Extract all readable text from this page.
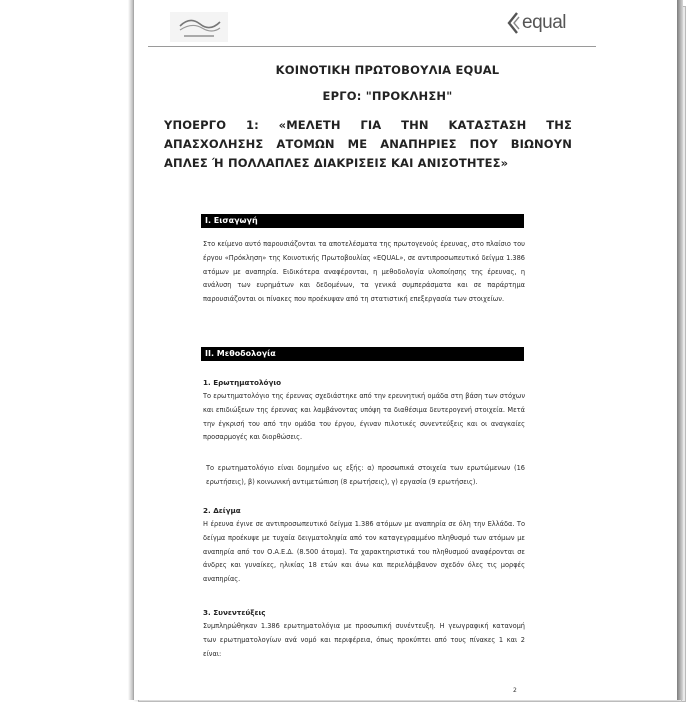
equal
ΚΟΙΝΟΤΙΚΗ ΠΡΩΤΟΒΟΥΛΙΑ EQUAL
ΕΡΓΟ: "ΠΡΟΚΛΗΣΗ"
ΥΠΟΕΡΓΟ 1: «ΜΕΛΕΤΗ ΓΙΑ ΤΗΝ ΚΑΤΑΣΤΑΣΗ ΤΗΣ ΑΠΑΣΧΟΛΗΣΗΣ ΑΤΟΜΩΝ ΜΕ ΑΝΑΠΗΡΙΕΣ ΠΟΥ ΒΙΩΝΟΥΝ ΑΠΛΕΣ Ή ΠΟΛΛΑΠΛΕΣ ΔΙΑΚΡΙΣΕΙΣ ΚΑΙ ΑΝΙΣΟΤΗΤΕΣ»
I. Εισαγωγή

Στο κείμενο αυτό παρουσιάζονται τα αποτελέσματα της πρωτογενούς έρευνας, στο πλαίσιο του έργου «Πρόκληση» της Κοινοτικής Πρωτοβουλίας «EQUAL», σε αντιπροσωπευτικό δείγμα 1.386 ατόμων με αναπηρία. Ειδικότερα αναφέρονται, η μεθοδολογία υλοποίησης της έρευνας, η ανάλυση των ευρημάτων και δεδομένων, τα γενικά συμπεράσματα και σε παράρτημα παρουσιάζονται οι πίνακες που προέκυψαν από τη στατιστική επεξεργασία των στοιχείων.

II. Μεθοδολογία
1. Ερωτηματολόγιο

Το ερωτηματολόγιο της έρευνας σχεδιάστηκε από την ερευνητική ομάδα στη βάση των στόχων και επιδιώξεων της έρευνας και λαμβάνοντας υπόψη τα διαθέσιμα δευτερογενή στοιχεία. Μετά την έγκρισή του από την ομάδα του έργου, έγιναν πιλοτικές συνεντεύξεις και οι αναγκαίες προσαρμογές και διορθώσεις.

Το ερωτηματολόγιο είναι δομημένο ως εξής: α) προσωπικά στοιχεία των ερωτώμενων (16 ερωτήσεις), β) κοινωνική αντιμετώπιση (8 ερωτήσεις), γ) εργασία (9 ερωτήσεις).

2. Δείγμα

Η έρευνα έγινε σε αντιπροσωπευτικό δείγμα 1.386 ατόμων με αναπηρία σε όλη την Ελλάδα. Το δείγμα προέκυψε με τυχαία δειγματοληψία από τον καταγεγραμμένο πληθυσμό των ατόμων με αναπηρία από τον Ο.Α.Ε.Δ. (8.500 άτομα). Τα χαρακτηριστικά του πληθυσμού αναφέρονται σε άνδρες και γυναίκες, ηλικίας 18 ετών και άνω και περιελάμβανον σχεδόν όλες τις μορφές αναπηρίας.

3. Συνεντεύξεις

Συμπληρώθηκαν 1.386 ερωτηματολόγια με προσωπική συνέντευξη. Η γεωγραφική κατανομή των ερωτηματολογίων ανά νομό και περιφέρεια, όπως προκύπτει από τους πίνακες 1 και 2 είναι:

2
